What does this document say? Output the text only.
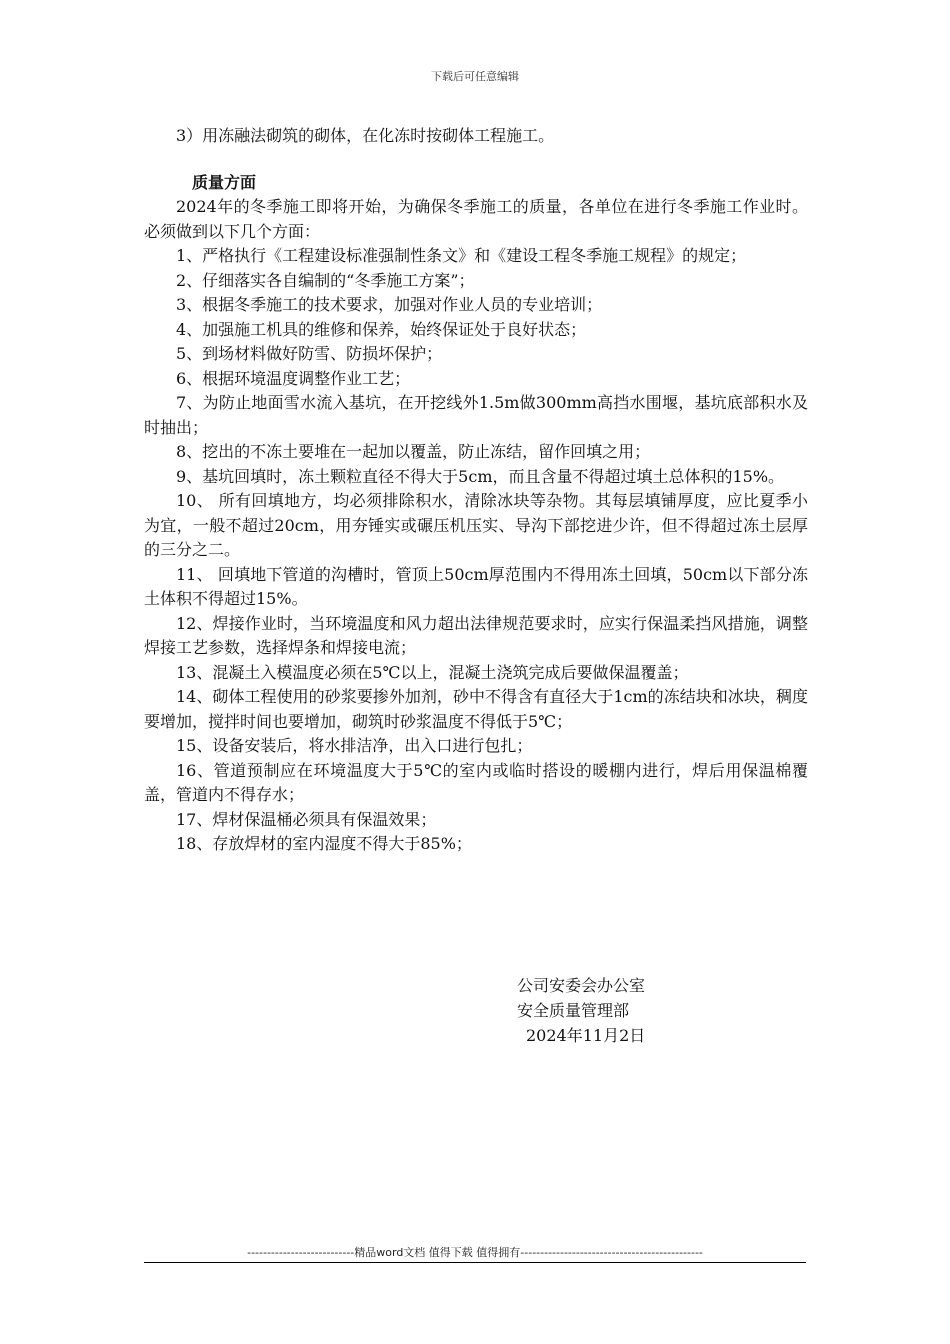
下载后可任意编辑

3）用冻融法砌筑的砌体，在化冻时按砌体工程施工。

质量方面

2024年的冬季施工即将开始，为确保冬季施工的质量，各单位在进行冬季施工作业时。必须做到以下几个方面：

1、严格执行《工程建设标准强制性条文》和《建设工程冬季施工规程》的规定；

2、仔细落实各自编制的“冬季施工方案”；

3、根据冬季施工的技术要求，加强对作业人员的专业培训；

4、加强施工机具的维修和保养，始终保证处于良好状态；

5、到场材料做好防雪、防损坏保护；

6、根据环境温度调整作业工艺；

7、为防止地面雪水流入基坑，在开挖线外1.5m做300mm高挡水围堰，基坑底部积水及时抽出；

8、挖出的不冻土要堆在一起加以覆盖，防止冻结，留作回填之用；

9、基坑回填时，冻土颗粒直径不得大于5cm，而且含量不得超过填土总体积的15%。

10、 所有回填地方，均必须排除积水，清除冰块等杂物。其每层填铺厚度，应比夏季小为宜，一般不超过20cm，用夯锤实或碾压机压实、导沟下部挖进少许，但不得超过冻土层厚的三分之二。

11、 回填地下管道的沟槽时，管顶上50cm厚范围内不得用冻土回填，50cm以下部分冻土体积不得超过15%。

12、焊接作业时，当环境温度和风力超出法律规范要求时，应实行保温柔挡风措施，调整焊接工艺参数，选择焊条和焊接电流；

13、混凝土入模温度必须在5℃以上，混凝土浇筑完成后要做保温覆盖；

14、砌体工程使用的砂浆要掺外加剂，砂中不得含有直径大于1cm的冻结块和冰块，稠度要增加，搅拌时间也要增加，砌筑时砂浆温度不得低于5℃；

15、设备安装后，将水排洁净，出入口进行包扎；

16、管道预制应在环境温度大于5℃的室内或临时搭设的暖棚内进行，焊后用保温棉覆盖，管道内不得存水；

17、焊材保温桶必须具有保温效果；

18、存放焊材的室内湿度不得大于85%；

公司安委会办公室
安全质量管理部
2024年11月2日
---------------------------精品word文档 值得下载 值得拥有----------------------------------------------
